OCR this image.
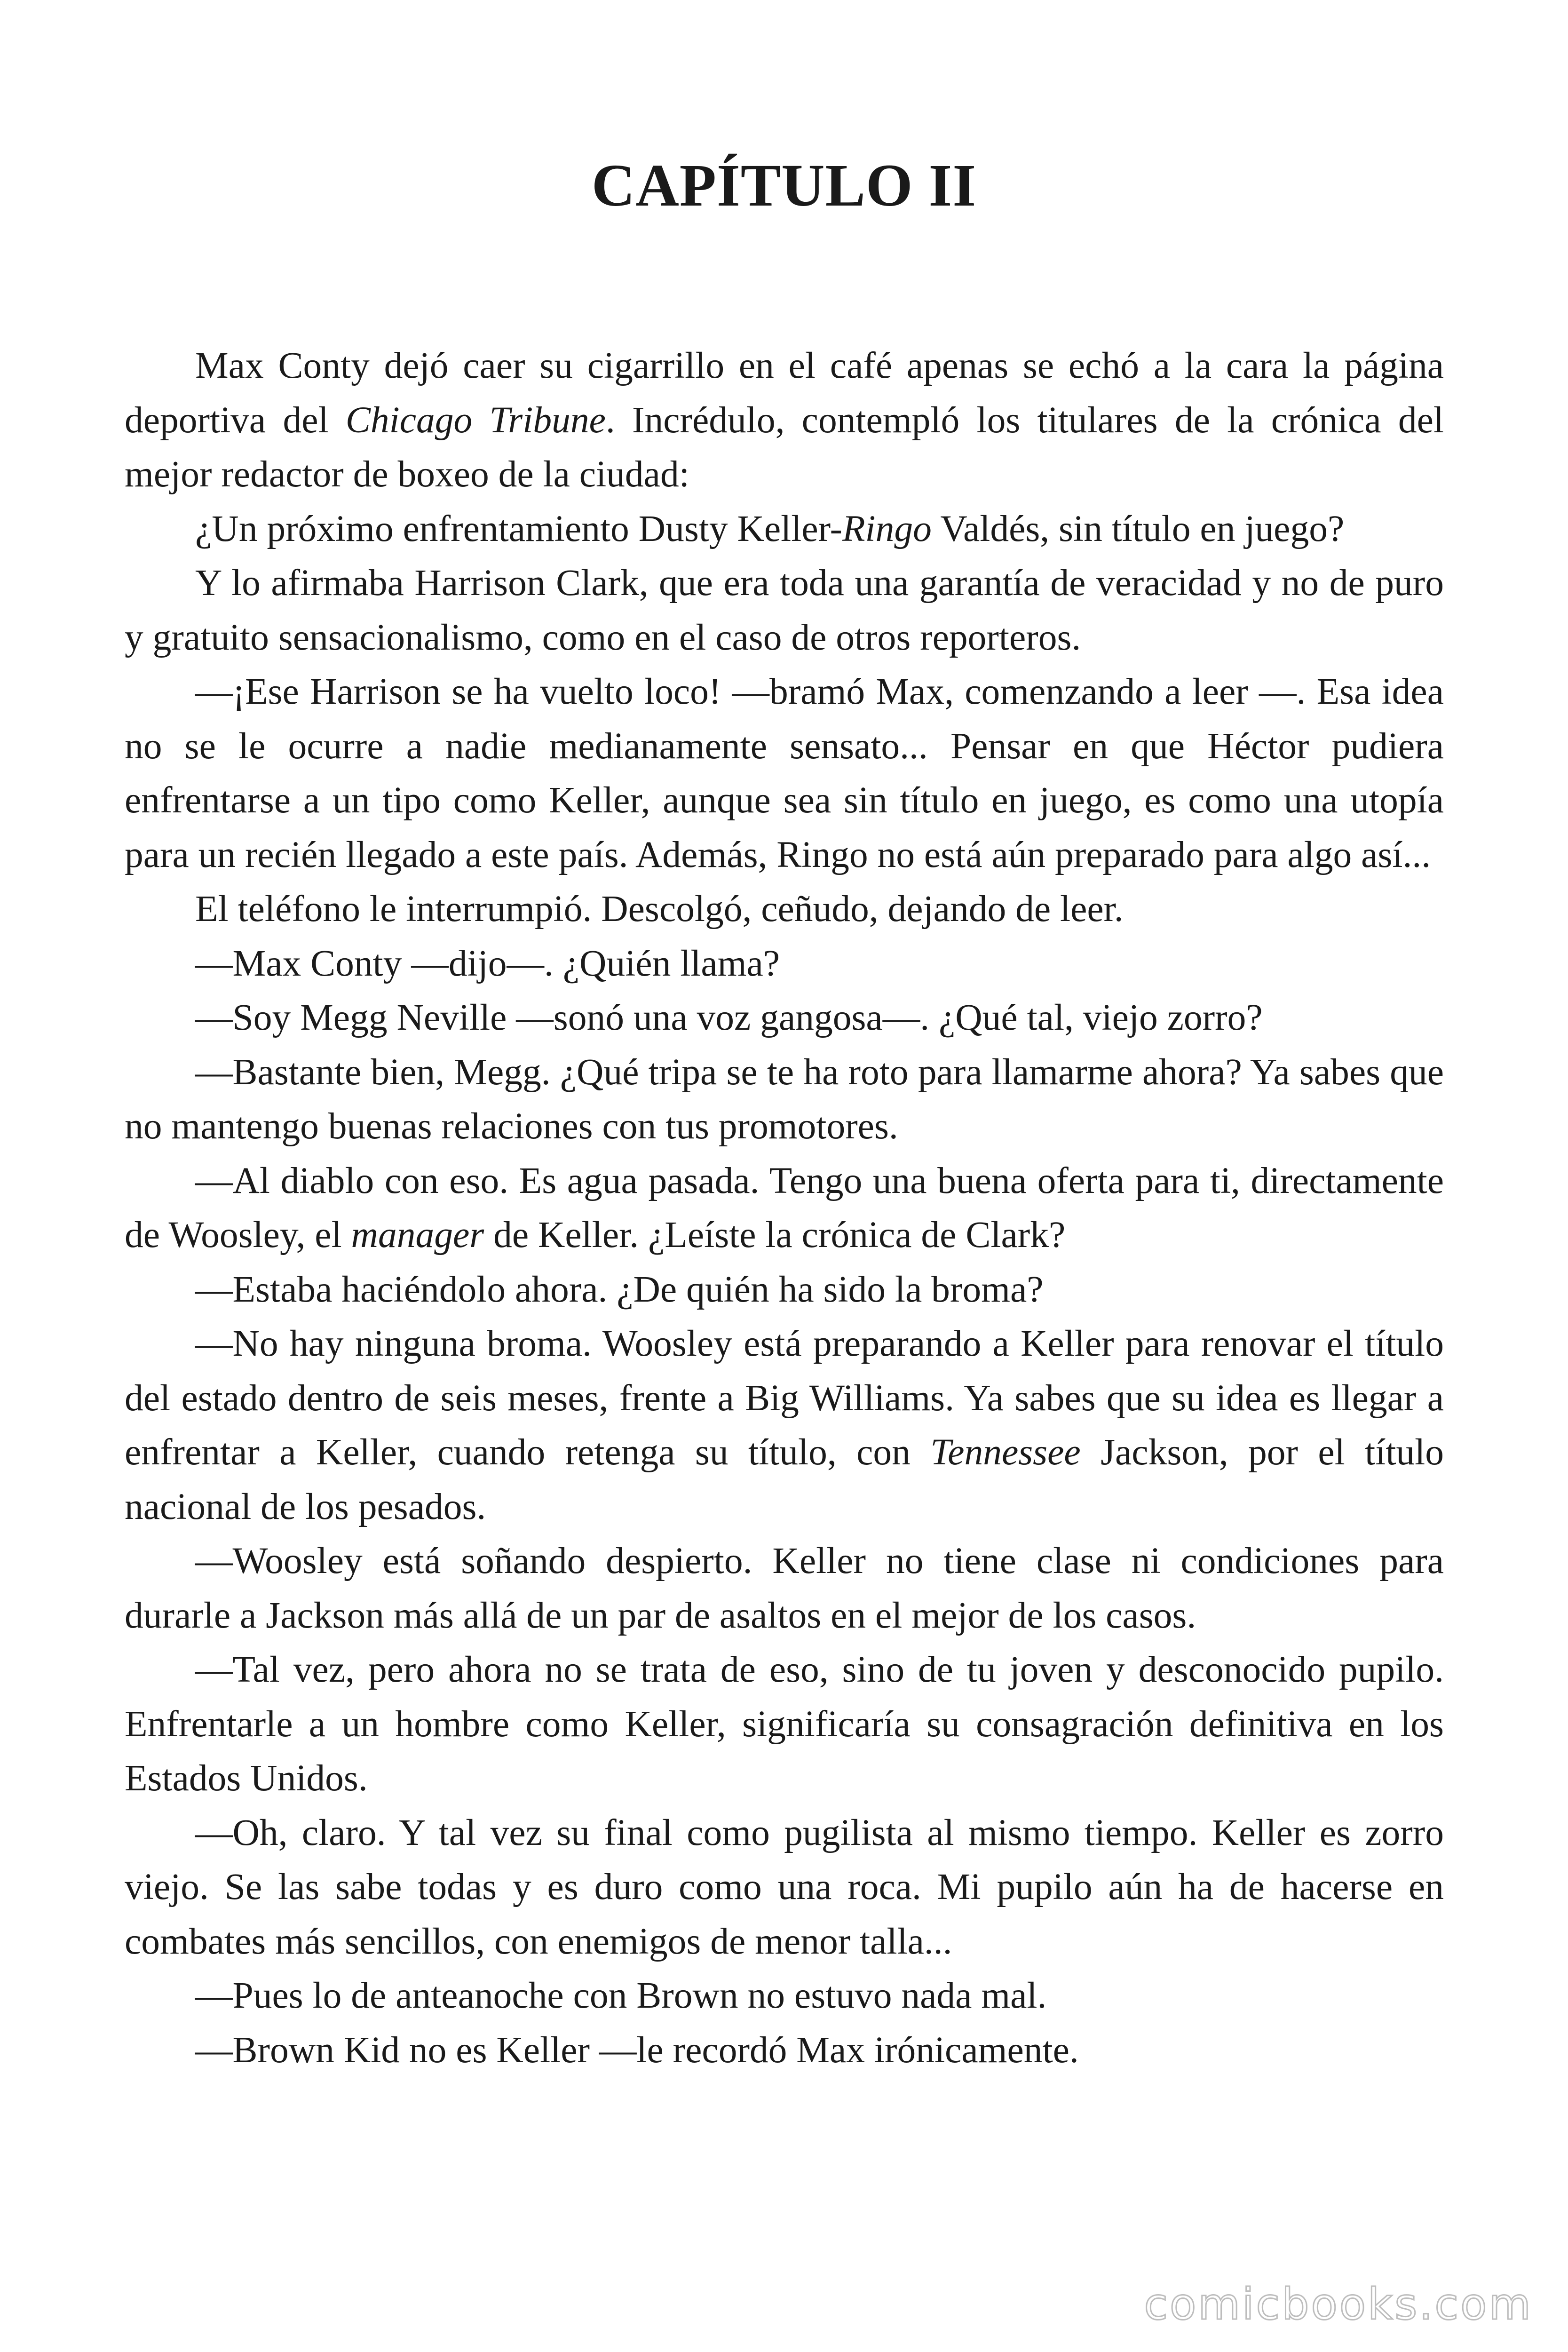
CAPÍTULO II

Max Conty dejó caer su cigarrillo en el café apenas se echó a la cara la página deportiva del Chicago Tribune. Incrédulo, contempló los titulares de la crónica del mejor redactor de boxeo de la ciudad:

¿Un próximo enfrentamiento Dusty Keller-Ringo Valdés, sin título en juego?

Y lo afirmaba Harrison Clark, que era toda una garantía de veracidad y no de puro y gratuito sensacionalismo, como en el caso de otros reporteros.

—¡Ese Harrison se ha vuelto loco! —bramó Max, comenzando a leer —. Esa idea no se le ocurre a nadie medianamente sensato... Pensar en que Héctor pudiera enfrentarse a un tipo como Keller, aunque sea sin título en juego, es como una utopía para un recién llegado a este país. Además, Ringo no está aún preparado para algo así...

El teléfono le interrumpió. Descolgó, ceñudo, dejando de leer.

—Max Conty —dijo—. ¿Quién llama?

—Soy Megg Neville —sonó una voz gangosa—. ¿Qué tal, viejo zorro?

—Bastante bien, Megg. ¿Qué tripa se te ha roto para llamarme ahora? Ya sabes que no mantengo buenas relaciones con tus promotores.

—Al diablo con eso. Es agua pasada. Tengo una buena oferta para ti, directamente de Woosley, el manager de Keller. ¿Leíste la crónica de Clark?

—Estaba haciéndolo ahora. ¿De quién ha sido la broma?

—No hay ninguna broma. Woosley está preparando a Keller para renovar el título del estado dentro de seis meses, frente a Big Williams. Ya sabes que su idea es llegar a enfrentar a Keller, cuando retenga su título, con Tennessee Jackson, por el título nacional de los pesados.

—Woosley está soñando despierto. Keller no tiene clase ni condiciones para durarle a Jackson más allá de un par de asaltos en el mejor de los casos.

—Tal vez, pero ahora no se trata de eso, sino de tu joven y desconocido pupilo. Enfrentarle a un hombre como Keller, significaría su consagración definitiva en los Estados Unidos.

—Oh, claro. Y tal vez su final como pugilista al mismo tiempo. Keller es zorro viejo. Se las sabe todas y es duro como una roca. Mi pupilo aún ha de hacerse en combates más sencillos, con enemigos de menor talla...

—Pues lo de anteanoche con Brown no estuvo nada mal.

—Brown Kid no es Keller —le recordó Max irónicamente.

comicbooks.com
